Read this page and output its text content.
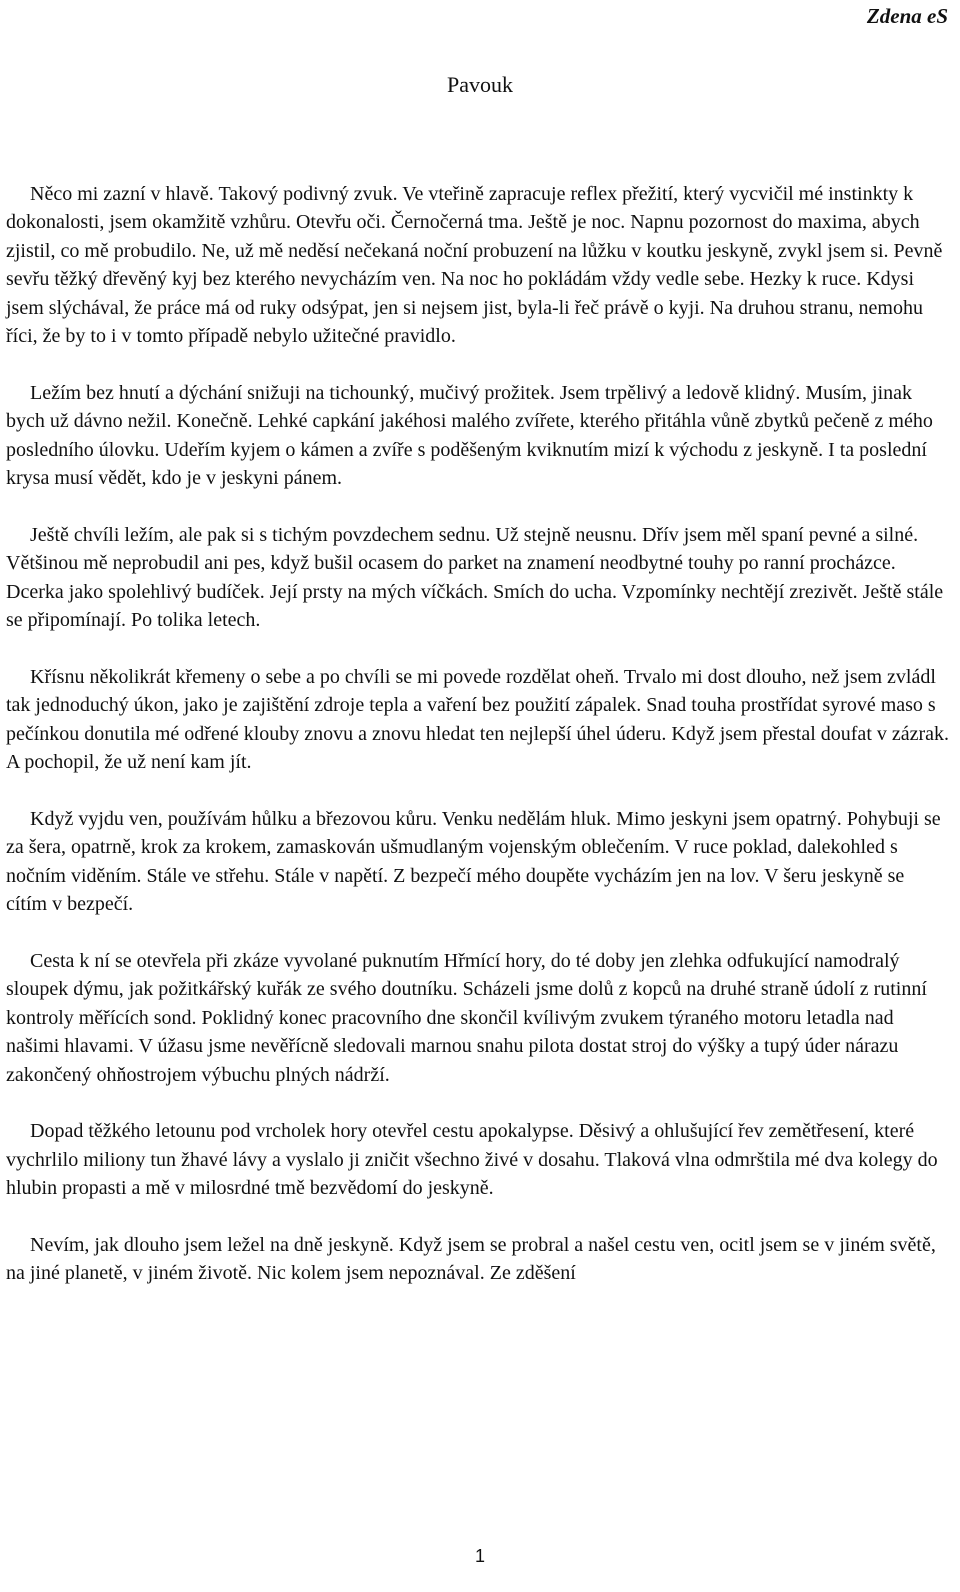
Zdena eS
Pavouk

Něco mi zazní v hlavě. Takový podivný zvuk. Ve vteřině zapracuje reflex přežití, který vycvičil mé instinkty k dokonalosti, jsem okamžitě vzhůru. Otevřu oči. Černočerná tma. Ještě je noc. Napnu pozornost do maxima, abych zjistil, co mě probudilo. Ne, už mě neděsí nečekaná noční probuzení na lůžku v koutku jeskyně, zvykl jsem si. Pevně sevřu těžký dřevěný kyj bez kterého nevycházím ven. Na noc ho pokládám vždy vedle sebe. Hezky k ruce. Kdysi jsem slýchával, že práce má od ruky odsýpat, jen si nejsem jist, byla-li řeč právě o kyji. Na druhou stranu, nemohu říci, že by to i v tomto případě nebylo užitečné pravidlo.

Ležím bez hnutí a dýchání snižuji na tichounký, mučivý prožitek. Jsem trpělivý a ledově klidný. Musím, jinak bych už dávno nežil. Konečně. Lehké capkání jakéhosi malého zvířete, kterého přitáhla vůně zbytků pečeně z mého posledního úlovku. Udeřím kyjem o kámen a zvíře s poděšeným kviknutím mizí k východu z jeskyně. I ta poslední krysa musí vědět, kdo je v jeskyni pánem.

Ještě chvíli ležím, ale pak si s tichým povzdechem sednu. Už stejně neusnu. Dřív jsem měl spaní pevné a silné. Většinou mě neprobudil ani pes, když bušil ocasem do parket na znamení neodbytné touhy po ranní procházce. Dcerka jako spolehlivý budíček. Její prsty na mých víčkách. Smích do ucha. Vzpomínky nechtějí zrezivět. Ještě stále se připomínají. Po tolika letech.

Křísnu několikrát křemeny o sebe a po chvíli se mi povede rozdělat oheň. Trvalo mi dost dlouho, než jsem zvládl tak jednoduchý úkon, jako je zajištění zdroje tepla a vaření bez použití zápalek. Snad touha prostřídat syrové maso s pečínkou donutila mé odřené klouby znovu a znovu hledat ten nejlepší úhel úderu. Když jsem přestal doufat v zázrak. A pochopil, že už není kam jít.

Když vyjdu ven, používám hůlku a březovou kůru. Venku nedělám hluk. Mimo jeskyni jsem opatrný. Pohybuji se za šera, opatrně, krok za krokem, zamaskován ušmudlaným vojenským oblečením. V ruce poklad, dalekohled s nočním viděním. Stále ve střehu. Stále v napětí. Z bezpečí mého doupěte vycházím jen na lov. V šeru jeskyně se cítím v bezpečí.

Cesta k ní se otevřela při zkáze vyvolané puknutím Hřmící hory, do té doby jen zlehka odfukující namodralý sloupek dýmu, jak požitkářský kuřák ze svého doutníku. Scházeli jsme dolů z kopců na druhé straně údolí z rutinní kontroly měřících sond. Poklidný konec pracovního dne skončil kvílivým zvukem týraného motoru letadla nad našimi hlavami. V úžasu jsme nevěřícně sledovali marnou snahu pilota dostat stroj do výšky a tupý úder nárazu zakončený ohňostrojem výbuchu plných nádrží.

Dopad těžkého letounu pod vrcholek hory otevřel cestu apokalypse. Děsivý a ohlušující řev zemětřesení, které vychrlilo miliony tun žhavé lávy a vyslalo ji zničit všechno živé v dosahu. Tlaková vlna odmrštila mé dva kolegy do hlubin propasti a mě v milosrdné tmě bezvědomí do jeskyně.

Nevím, jak dlouho jsem ležel na dně jeskyně. Když jsem se probral a našel cestu ven, ocitl jsem se v jiném světě, na jiné planetě, v jiném životě. Nic kolem jsem nepoznával. Ze zděšení

1
